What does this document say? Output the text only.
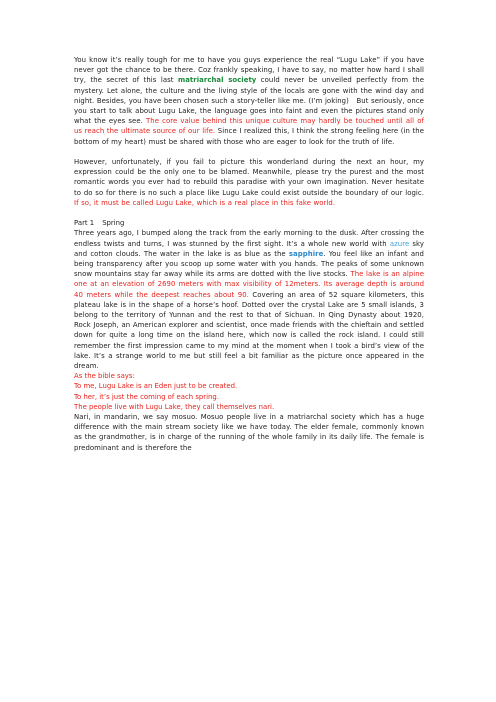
You know it’s really tough for me to have you guys experience the real “Lugu Lake” if you have never got the chance to be there. Coz frankly speaking, I have to say, no matter how hard I shall try, the secret of this last matriarchal society could never be unveiled perfectly from the mystery. Let alone, the culture and the living style of the locals are gone with the wind day and night. Besides, you have been chosen such a story-teller like me. (I’m joking)   But seriously, once you start to talk about Lugu Lake, the language goes into faint and even the pictures stand only what the eyes see. The core value behind this unique culture may hardly be touched until all of us reach the ultimate source of our life. Since I realized this, I think the strong feeling here (in the bottom of my heart) must be shared with those who are eager to look for the truth of life.

However, unfortunately, if you fail to picture this wonderland during the next an hour, my expression could be the only one to be blamed. Meanwhile, please try the purest and the most romantic words you ever had to rebuild this paradise with your own imagination. Never hesitate to do so for there is no such a place like Lugu Lake could exist outside the boundary of our logic. If so, it must be called Lugu Lake, which is a real place in this fake world.

Part 1 Spring

Three years ago, I bumped along the track from the early morning to the dusk. After crossing the endless twists and turns, I was stunned by the first sight. It’s a whole new world with azure sky and cotton clouds. The water in the lake is as blue as the sapphire. You feel like an infant and being transparency after you scoop up some water with you hands. The peaks of some unknown snow mountains stay far away while its arms are dotted with the live stocks. The lake is an alpine one at an elevation of 2690 meters with max visibility of 12meters. Its average depth is around 40 meters while the deepest reaches about 90. Covering an area of 52 square kilometers, this plateau lake is in the shape of a horse’s hoof. Dotted over the crystal Lake are 5 small islands, 3 belong to the territory of Yunnan and the rest to that of Sichuan. In Qing Dynasty about 1920, Rock Joseph, an American explorer and scientist, once made friends with the chieftain and settled down for quite a long time on the island here, which now is called the rock island. I could still remember the first impression came to my mind at the moment when I took a bird’s view of the lake. It’s a strange world to me but still feel a bit familiar as the picture once appeared in the dream.

As the bible says:

To me, Lugu Lake is an Eden just to be created.

To her, it’s just the coming of each spring.

The people live with Lugu Lake, they call themselves nari.

Nari, in mandarin, we say mosuo. Mosuo people live in a matriarchal society which has a huge difference with the main stream society like we have today. The elder female, commonly known as the grandmother, is in charge of the running of the whole family in its daily life. The female is predominant and is therefore the
